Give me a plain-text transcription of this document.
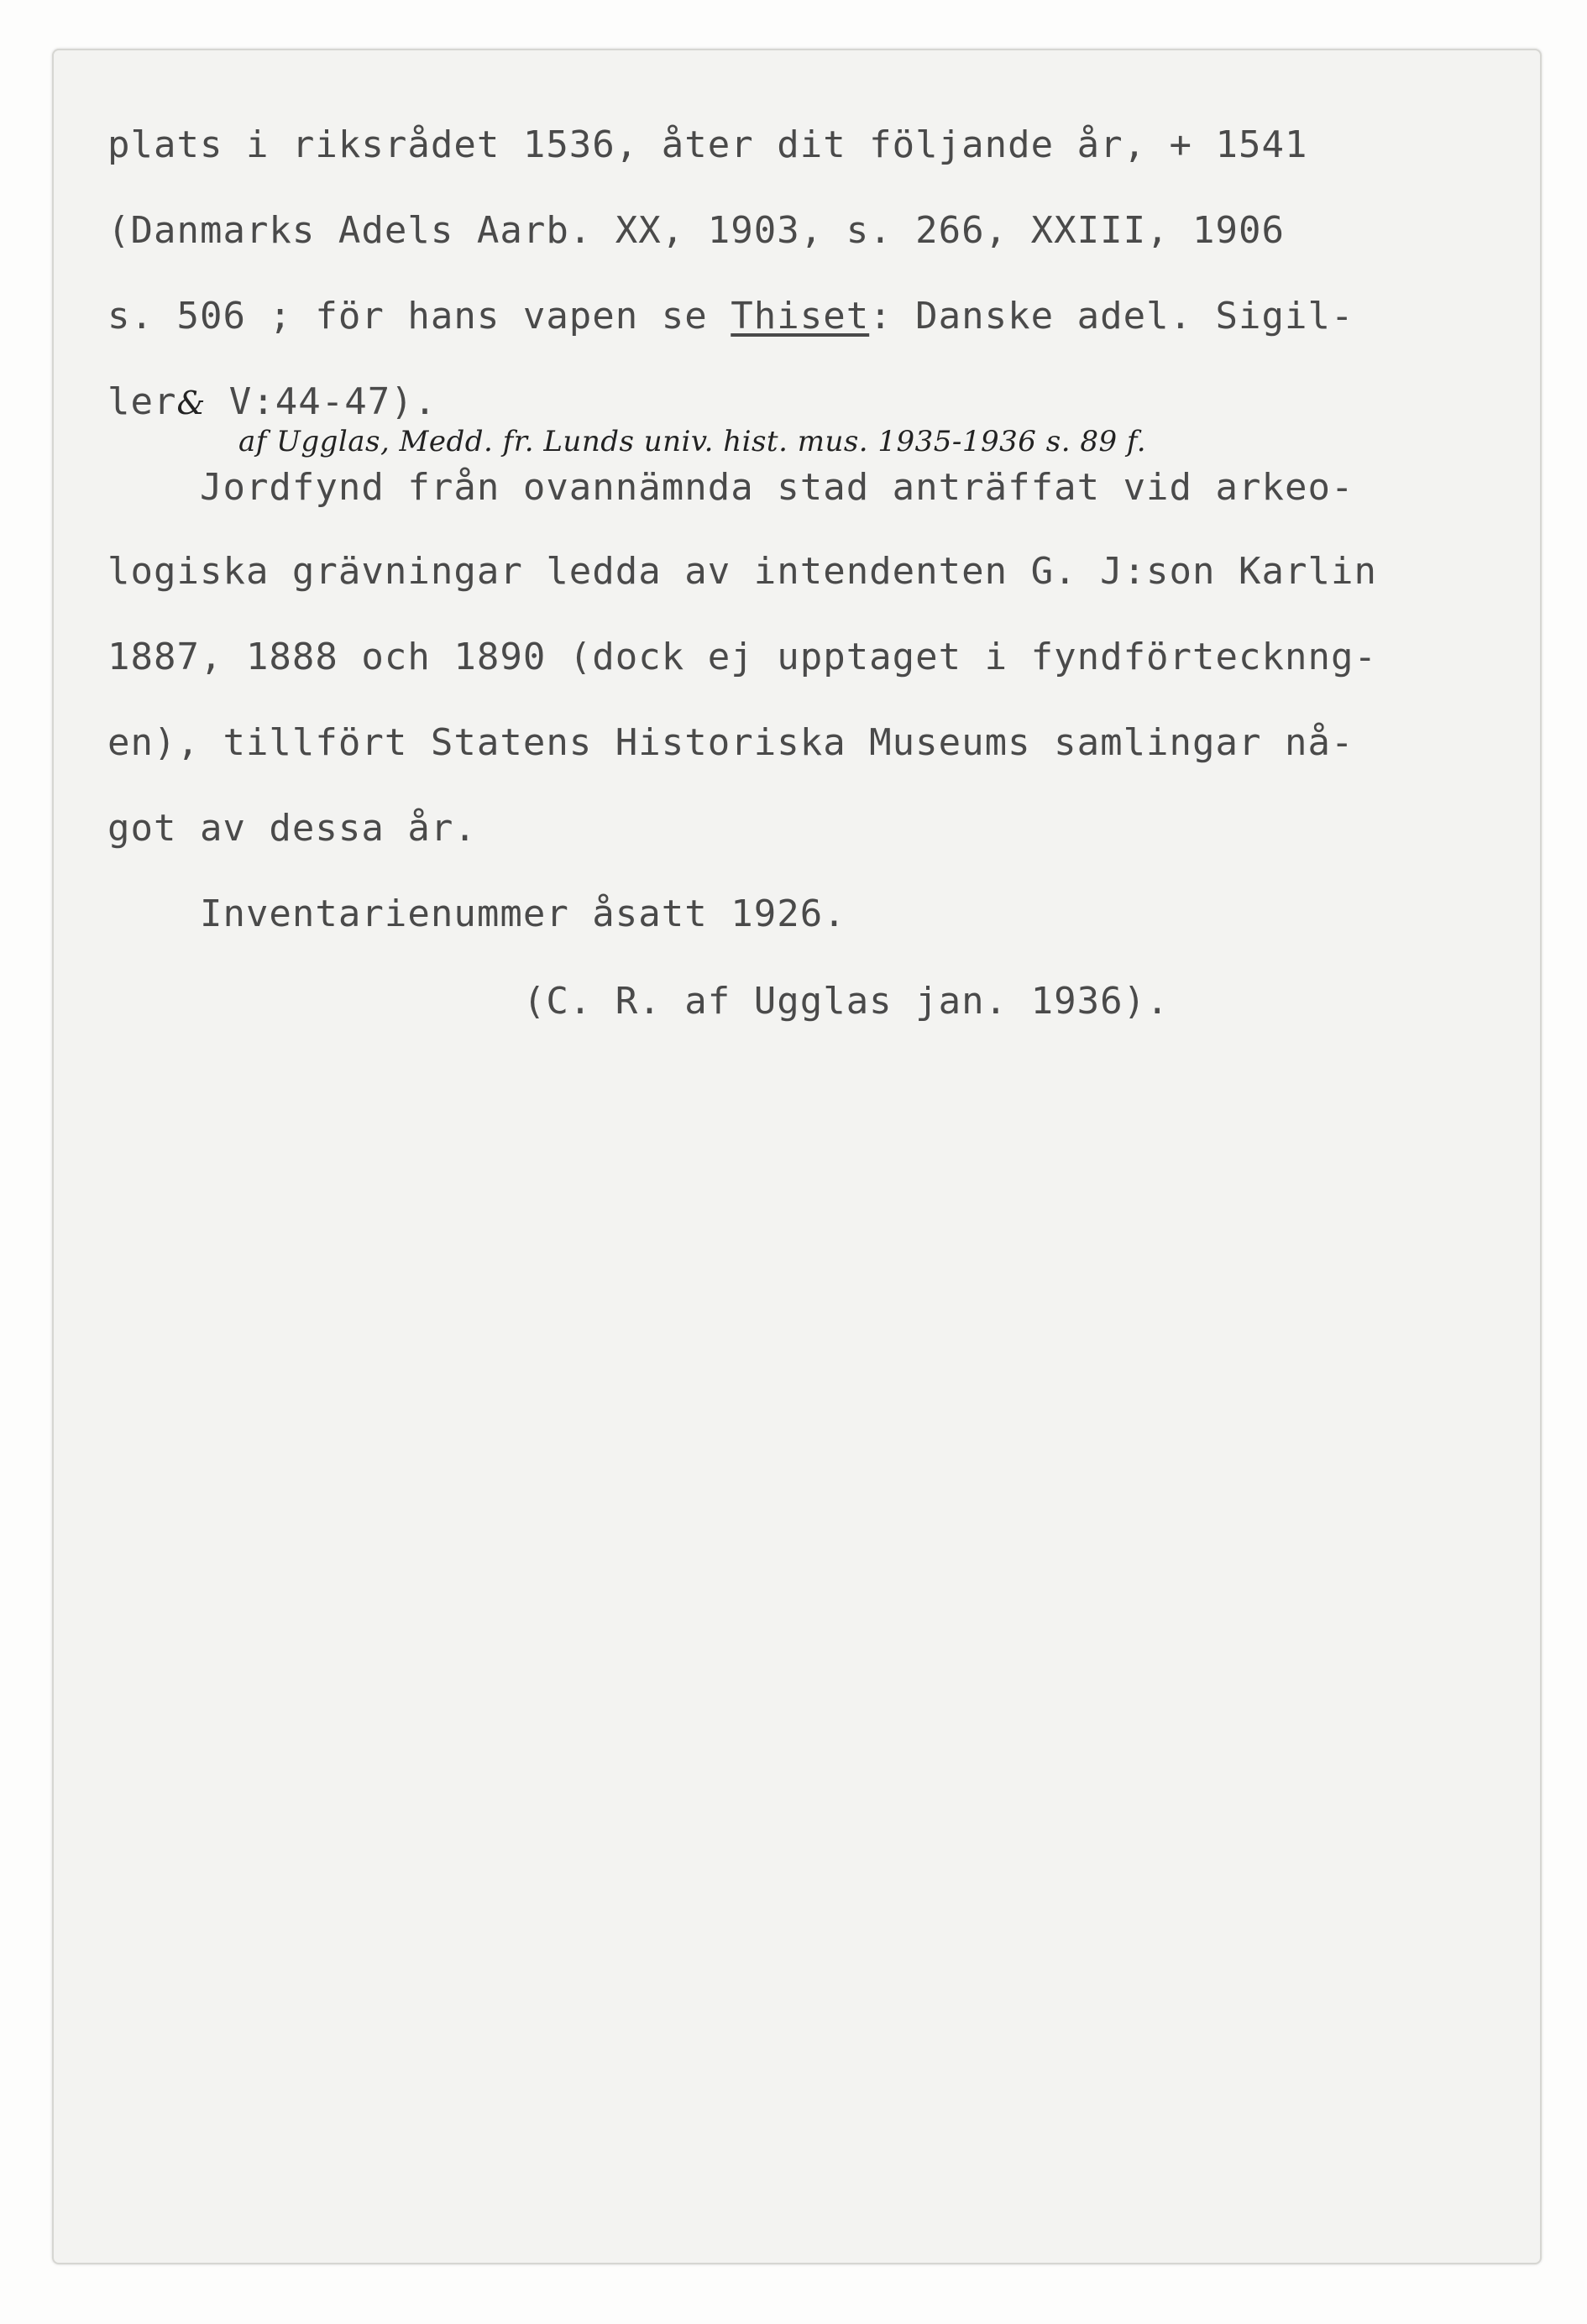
plats i riksrådet 1536, åter dit följande år, + 1541

(Danmarks Adels Aarb. XX, 1903, s. 266, XXIII, 1906

s. 506 ; för hans vapen se Thiset: Danske adel. Sigil-

ler& V:44-47).

af Ugglas, Medd. fr. Lunds univ. hist. mus. 1935-1936 s. 89 f.

Jordfynd från ovannämnda stad anträffat vid arkeo-

logiska grävningar ledda av intendenten G. J:son Karlin

1887, 1888 och 1890 (dock ej upptaget i fyndförtecknng-

en), tillfört Statens Historiska Museums samlingar nå-

got av dessa år.

Inventarienummer åsatt 1926.

(C. R. af Ugglas jan. 1936).
